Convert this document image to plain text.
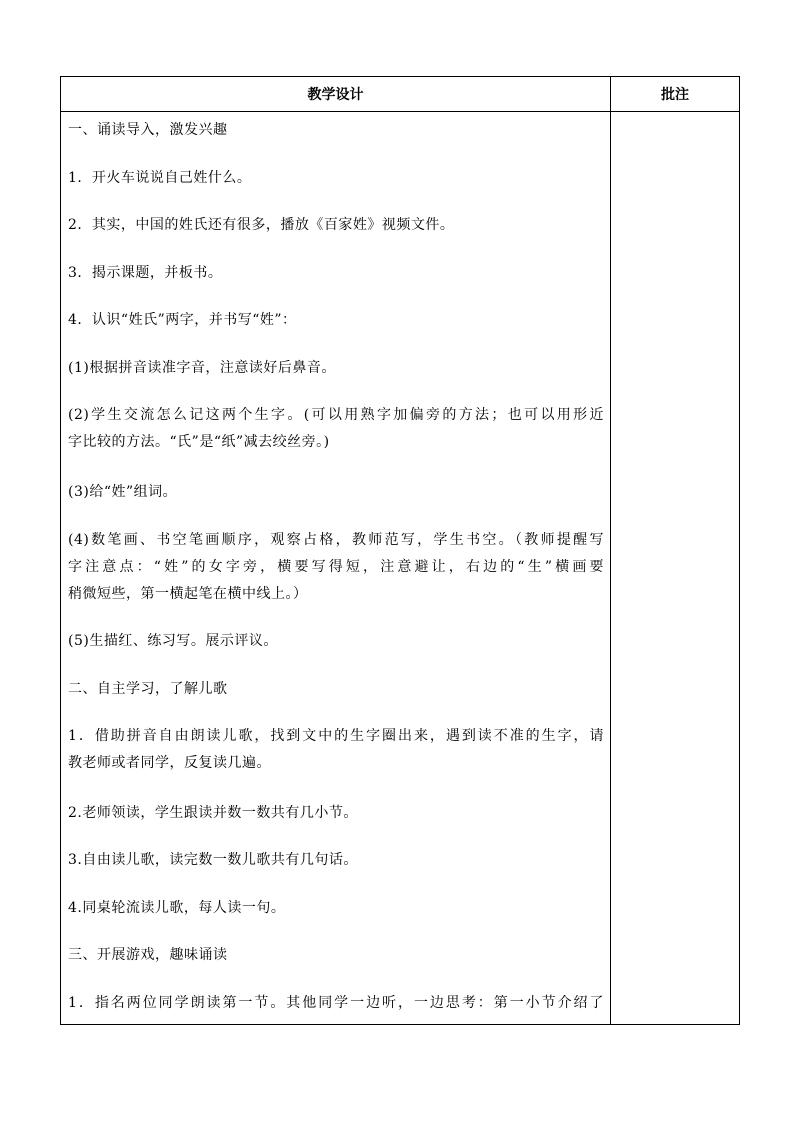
教学设计	批注
一、诵读导入，激发兴趣
1．开火车说说自己姓什么。
2．其实，中国的姓氏还有很多，播放《百家姓》视频文件。
3．揭示课题，并板书。
4．认识“姓氏”两字，并书写“姓”：
(1)根据拼音读准字音，注意读好后鼻音。
(2)学生交流怎么记这两个生字。(可以用熟字加偏旁的方法；也可以用形近
字比较的方法。“氏”是“纸”减去绞丝旁。)
(3)给“姓”组词。
(4)数笔画、书空笔画顺序，观察占格，教师范写，学生书空。（教师提醒写
字注意点：“姓”的女字旁，横要写得短，注意避让，右边的“生”横画要
稍微短些，第一横起笔在横中线上。）
(5)生描红、练习写。展示评议。
二、自主学习，了解儿歌
1．借助拼音自由朗读儿歌，找到文中的生字圈出来，遇到读不准的生字，请
教老师或者同学，反复读几遍。
2.老师领读，学生跟读并数一数共有几小节。
3.自由读儿歌，读完数一数儿歌共有几句话。
4.同桌轮流读儿歌，每人读一句。
三、开展游戏，趣味诵读
1．指名两位同学朗读第一节。其他同学一边听，一边思考：第一小节介绍了
